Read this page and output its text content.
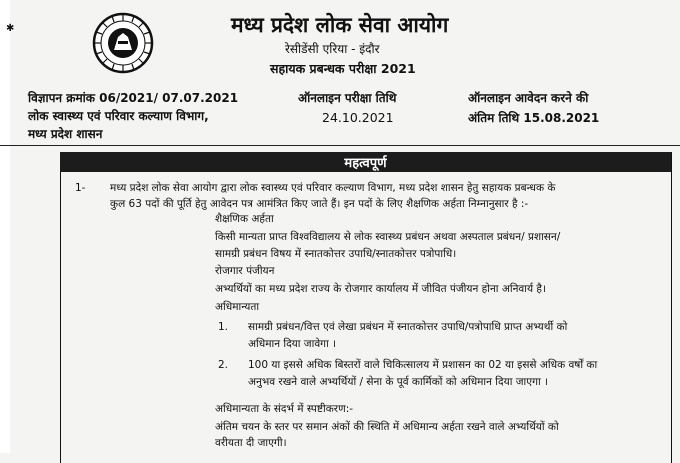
✱	मध्य प्रदेश लोक सेवा आयोग
रेसीडेंसी एरिया - इंदौर
सहायक प्रबन्धक परीक्षा 2021
विज्ञापन क्रमांक 06/2021/ 07.07.2021
लोक स्वास्थ्य एवं परिवार कल्याण विभाग,
मध्य प्रदेश शासन
ऑनलाइन परीक्षा तिथि
24.10.2021
ऑनलाइन आवेदन करने की
अंतिम तिथि 15.08.2021
महत्वपूर्ण
1- मध्य प्रदेश लोक सेवा आयोग द्वारा लोक स्वास्थ्य एवं परिवार कल्याण विभाग, मध्य प्रदेश शासन हेतु सहायक प्रबन्धक के
कुल 63 पदों की पूर्ति हेतु आवेदन पत्र आमंत्रित किए जाते हैं। इन पदों के लिए शैक्षणिक अर्हता निम्नानुसार है :-
शैक्षणिक अर्हता
किसी मान्यता प्राप्त विश्वविद्यालय से लोक स्वास्थ्य प्रबंधन अथवा अस्पताल प्रबंधन/ प्रशासन/
सामग्री प्रबंधन विषय में स्नातकोत्तर उपाधि/स्नातकोत्तर पत्रोपाधि।
रोजगार पंजीयन
अभ्यर्थियों का मध्य प्रदेश राज्य के रोजगार कार्यालय में जीवित पंजीयन होना अनिवार्य है।
अधिमान्यता
1. सामग्री प्रबंधन/वित्त एवं लेखा प्रबंधन में स्नातकोत्तर उपाधि/पत्रोपाधि प्राप्त अभ्यर्थी को
अधिमान दिया जावेगा ।
2. 100 या इससे अधिक बिस्तरों वाले चिकित्सालय में प्रशासन का 02 या इससे अधिक वर्षों का
अनुभव रखने वाले अभ्यर्थियों / सेना के पूर्व कार्मिकों को अधिमान दिया जाएगा ।
अधिमान्यता के संदर्भ में स्पष्टीकरण:-
अंतिम चयन के स्तर पर समान अंकों की स्थिति में अधिमान्य अर्हता रखने वाले अभ्यर्थियों को
वरीयता दी जाएगी।
